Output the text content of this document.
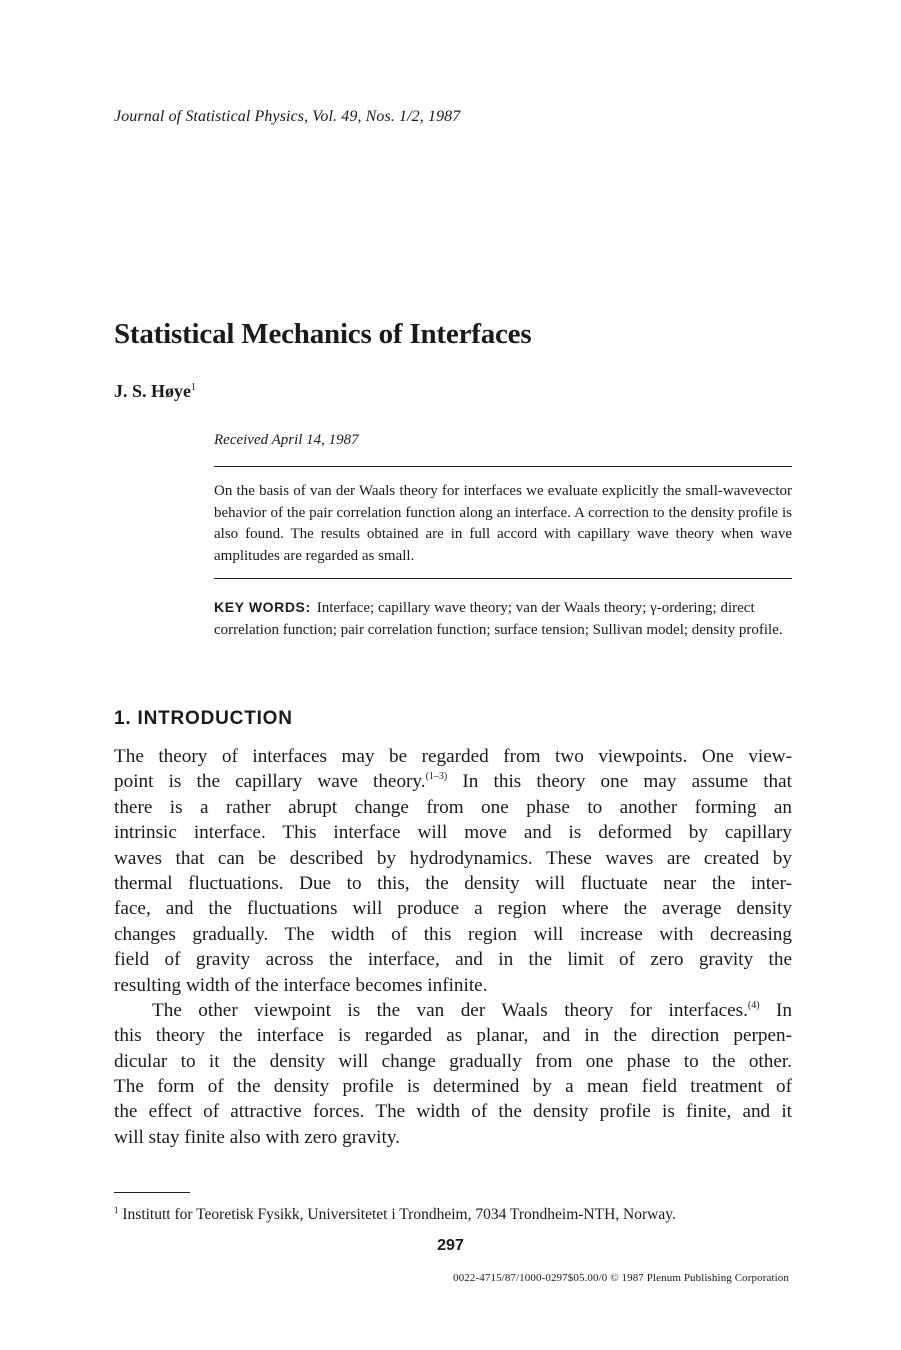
Journal of Statistical Physics, Vol. 49, Nos. 1/2, 1987
Statistical Mechanics of Interfaces
J. S. Høye$^1$
Received April 14, 1987
On the basis of van der Waals theory for interfaces we evaluate explicitly the small-wavevector behavior of the pair correlation function along an interface. A correction to the density profile is also found. The results obtained are in full accord with capillary wave theory when wave amplitudes are regarded as small.
KEY WORDS: Interface; capillary wave theory; van der Waals theory; γ-ordering; direct correlation function; pair correlation function; surface tension; Sullivan model; density profile.
1. INTRODUCTION
The theory of interfaces may be regarded from two viewpoints. One view-
point is the capillary wave theory.$^{(1-3)}$ In this theory one may assume that
there is a rather abrupt change from one phase to another forming an
intrinsic interface. This interface will move and is deformed by capillary
waves that can be described by hydrodynamics. These waves are created by
thermal fluctuations. Due to this, the density will fluctuate near the inter-
face, and the fluctuations will produce a region where the average density
changes gradually. The width of this region will increase with decreasing
field of gravity across the interface, and in the limit of zero gravity the
resulting width of the interface becomes infinite.
The other viewpoint is the van der Waals theory for interfaces.$^{(4)}$ In
this theory the interface is regarded as planar, and in the direction perpen-
dicular to it the density will change gradually from one phase to the other.
The form of the density profile is determined by a mean field treatment of
the effect of attractive forces. The width of the density profile is finite, and it
will stay finite also with zero gravity.
$^1$ Institutt for Teoretisk Fysikk, Universitetet i Trondheim, 7034 Trondheim-NTH, Norway.
297
0022-4715/87/1000-0297$05.00/0 © 1987 Plenum Publishing Corporation
